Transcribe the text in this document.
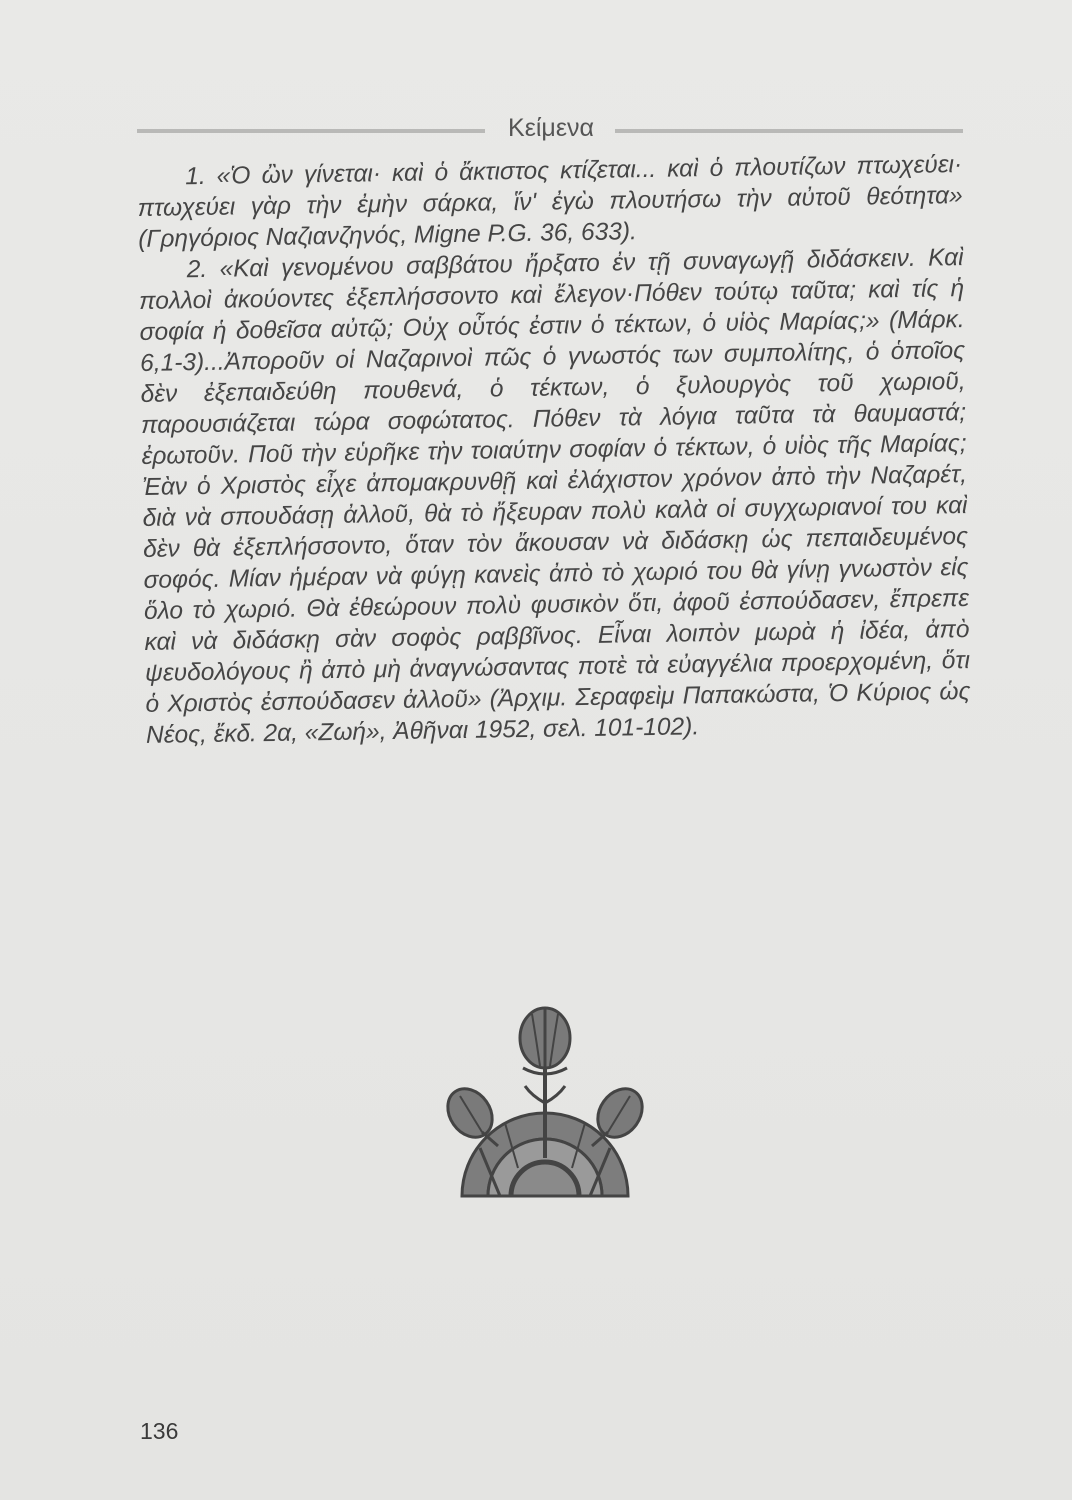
Κείμενα

1. «Ὁ ὢν γίνεται· καὶ ὁ ἄκτιστος κτίζεται... καὶ ὁ πλουτίζων πτωχεύει· πτωχεύει γὰρ τὴν ἐμὴν σάρκα, ἵν' ἐγὼ πλουτήσω τὴν αὐτοῦ θεότητα» (Γρηγόριος Ναζιανζηνός, Migne P.G. 36, 633).

2. «Καὶ γενομένου σαββάτου ἤρξατο ἐν τῇ συναγωγῇ διδάσκειν. Καὶ πολλοὶ ἀκούοντες ἐξεπλήσσοντο καὶ ἔλεγον·Πόθεν τούτῳ ταῦτα; καὶ τίς ἡ σοφία ἡ δοθεῖσα αὐτῷ; Οὐχ οὗτός ἐστιν ὁ τέκτων, ὁ υἱὸς Μαρίας;» (Μάρκ. 6,1-3)...Ἀποροῦν οἱ Ναζαρινοὶ πῶς ὁ γνωστός των συμπολίτης, ὁ ὁποῖος δὲν ἐξεπαιδεύθη πουθενά, ὁ τέκτων, ὁ ξυλουργὸς τοῦ χωριοῦ, παρουσιάζεται τώρα σοφώτατος. Πόθεν τὰ λόγια ταῦτα τὰ θαυμαστά; ἐρωτοῦν. Ποῦ τὴν εὑρῆκε τὴν τοιαύτην σοφίαν ὁ τέκτων, ὁ υἱὸς τῆς Μαρίας; Ἐὰν ὁ Χριστὸς εἶχε ἀπομακρυνθῇ καὶ ἐλάχιστον χρόνον ἀπὸ τὴν Ναζαρέτ, διὰ νὰ σπουδάσῃ ἀλλοῦ, θὰ τὸ ἤξευραν πολὺ καλὰ οἱ συγχωριανοί του καὶ δὲν θὰ ἐξεπλήσσοντο, ὅταν τὸν ἄκουσαν νὰ διδάσκῃ ὡς πεπαιδευμένος σοφός. Μίαν ἡμέραν νὰ φύγῃ κανεὶς ἀπὸ τὸ χωριό του θὰ γίνῃ γνωστὸν εἰς ὅλο τὸ χωριό. Θὰ ἐθεώρουν πολὺ φυσικὸν ὅτι, ἀφοῦ ἐσπούδασεν, ἔπρεπε καὶ νὰ διδάσκῃ σὰν σοφὸς ραββῖνος. Εἶναι λοιπὸν μωρὰ ἡ ἰδέα, ἀπὸ ψευδολόγους ἢ ἀπὸ μὴ ἀναγνώσαντας ποτὲ τὰ εὐαγγέλια προερχομένη, ὅτι ὁ Χριστὸς ἐσπούδασεν ἀλλοῦ» (Ἀρχιμ. Σεραφεὶμ Παπακώστα, Ὁ Κύριος ὡς Νέος, ἔκδ. 2α, «Ζωή», Ἀθῆναι 1952, σελ. 101-102).

136
